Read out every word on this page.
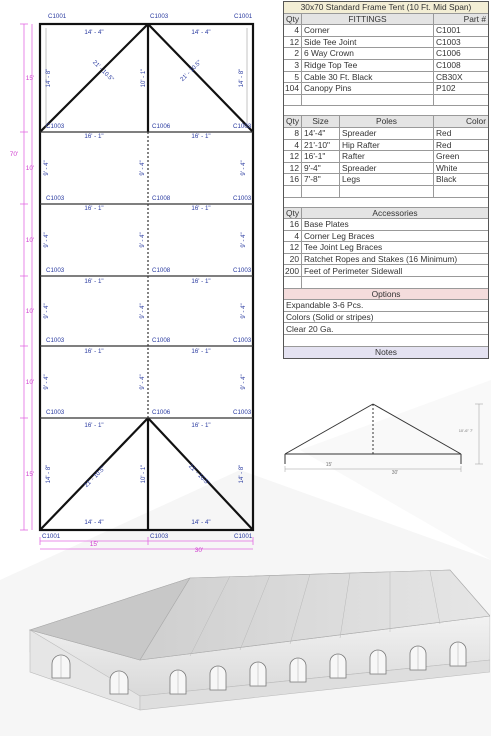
C1001	C1003	C1001
C1003	C1006	C1003
C1003	C1008	C1003
C1003	C1008	C1003
C1003	C1008	C1003
C1003	C1006	C1003
C1001	C1003	C1001
14' - 4"	14' - 4"
16' - 1"	16' - 1"
16' - 1"	16' - 1"
16' - 1"	16' - 1"
16' - 1"	16' - 1"
16' - 1"	16' - 1"
14' - 4"	14' - 4"
21' - 10.5"	21' - 10.5"
21' - 10.5"	21' - 10.5"
14' - 8"	10' - 1"	14' - 8"
9' - 4"	9' - 4"	9' - 4"
9' - 4"	9' - 4"	9' - 4"
9' - 4"	9' - 4"	9' - 4"
9' - 4"	9' - 4"	9' - 4"
14' - 8"	10' - 1"	14' - 8"
15'
10'
10'
10'
10'
15'
70'
15'
30'
30x70 Standard Frame Tent (10 Ft. Mid Span)
Qty	FITTINGS	Part #
4 Corner	C1001
12 Side Tee Joint	C1003
2 6 Way Crown	C1006
3 Ridge Top Tee	C1008
5 Cable 30 Ft. Black	CB30X
104 Canopy Pins	P102
Qty	Size	Poles	Color
8 14'-4"	Spreader	Red
4 21'-10"	Hip Rafter	Red
12 16'-1"	Rafter	Green
12 9'-4"	Spreader	White
16 7'-8"	Legs	Black
Qty	Accessories
16 Base Plates
4 Corner Leg Braces
12 Tee Joint Leg Braces
20 Ratchet Ropes and Stakes (16 Minimum)
200 Feet of Perimeter Sidewall
Options
Expandable 3-6 Pcs.
Colors (Solid or stripes)
Clear 20 Ga.
Notes
10'-6" 7'
15'
30'
